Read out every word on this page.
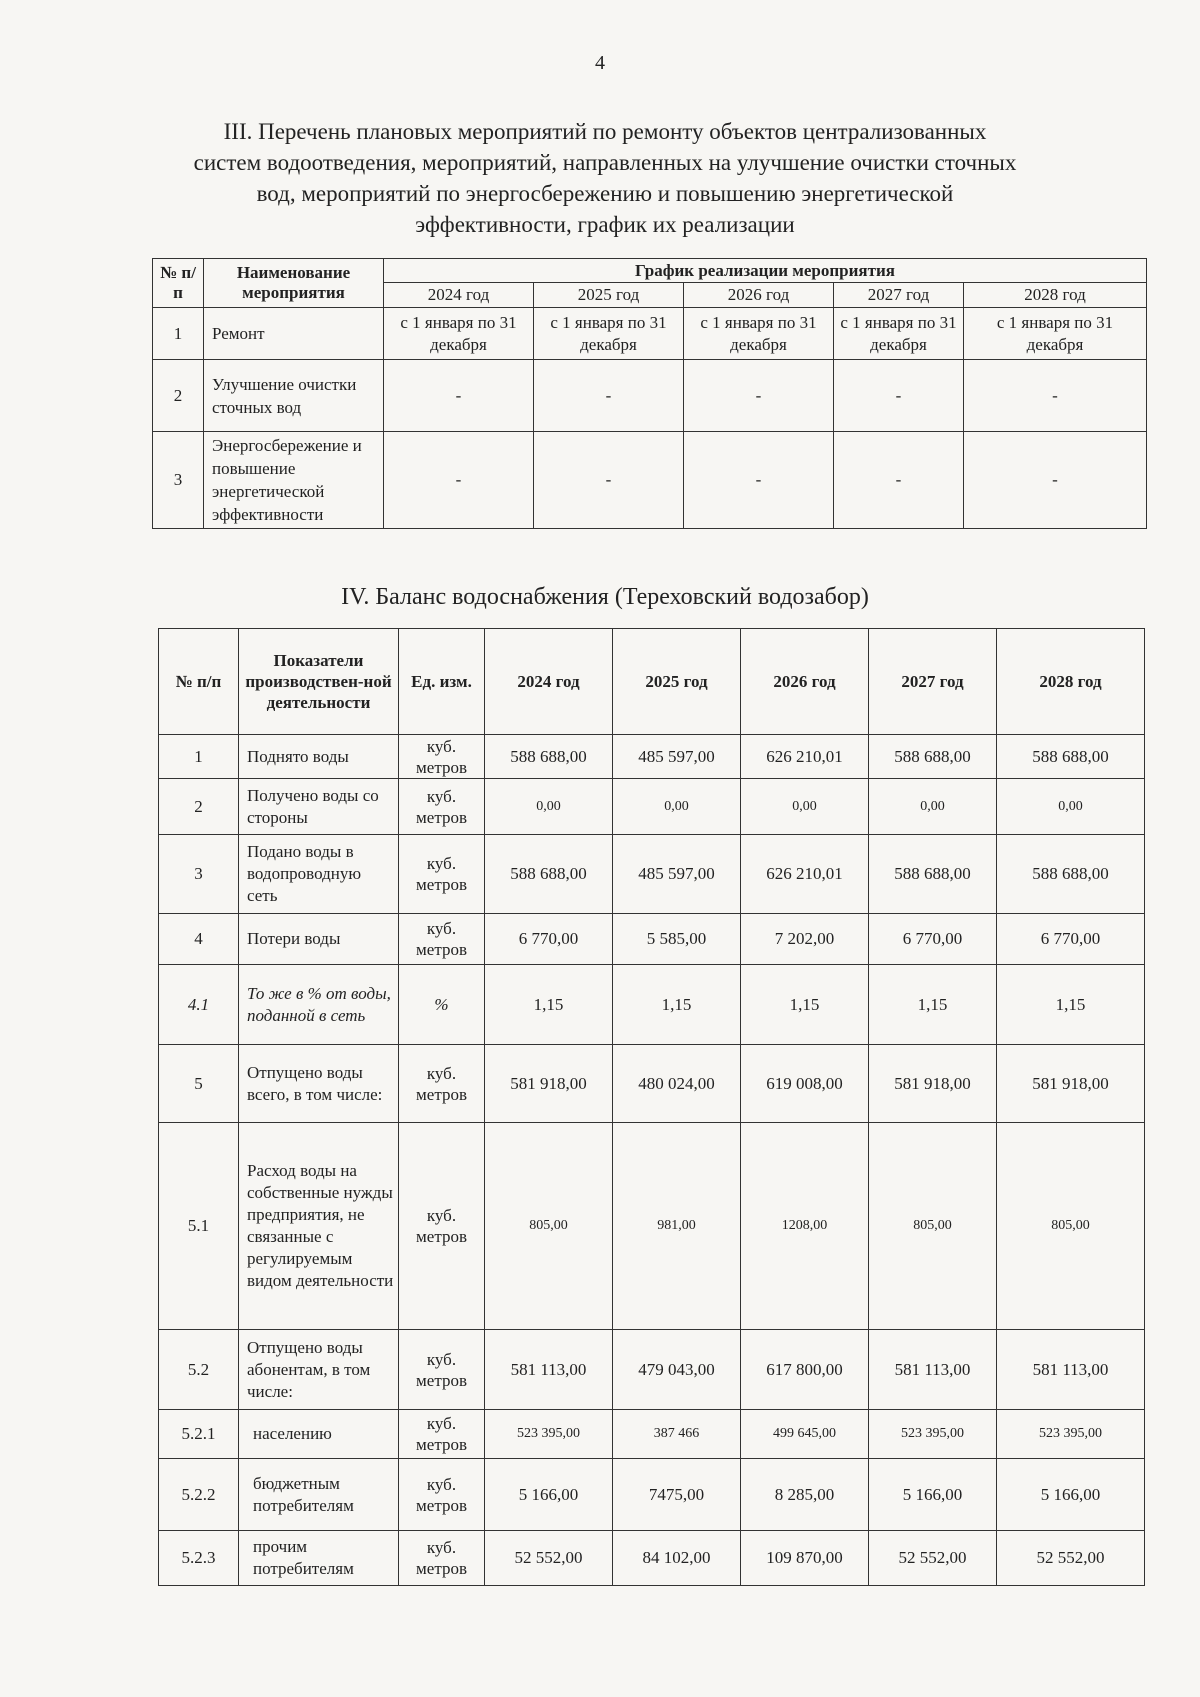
4
III. Перечень плановых мероприятий по ремонту объектов централизованных
систем водоотведения, мероприятий, направленных на улучшение очистки сточных
вод, мероприятий по энергосбережению и повышению энергетической
эффективности, график их реализации
№ п/п	Наименование мероприятия	График реализации мероприятия				
		2024 год	2025 год	2026 год	2027 год	2028 год
1	Ремонт	с 1 января по 31 декабря	с 1 января по 31 декабря	с 1 января по 31 декабря	с 1 января по 31 декабря	с 1 января по 31 декабря
2	Улучшение очистки сточных вод	-	-	-	-	-
3	Энергосбережение и повышение энергетической эффективности	-	-	-	-	-
IV. Баланс водоснабжения (Тереховский водозабор)
№ п/п	Показатели производствен-ной деятельности	Ед. изм.	2024 год	2025 год	2026 год	2027 год	2028 год
1	Поднято воды	куб. метров	588 688,00	485 597,00	626 210,01	588 688,00	588 688,00
2	Получено воды со стороны	куб. метров	0,00	0,00	0,00	0,00	0,00
3	Подано воды в водопроводную сеть	куб. метров	588 688,00	485 597,00	626 210,01	588 688,00	588 688,00
4	Потери воды	куб. метров	6 770,00	5 585,00	7 202,00	6 770,00	6 770,00
4.1	То же в % от воды, поданной в сеть	%	1,15	1,15	1,15	1,15	1,15
5	Отпущено воды всего, в том числе:	куб. метров	581 918,00	480 024,00	619 008,00	581 918,00	581 918,00
5.1	Расход воды на собственные нужды предприятия, не связанные с регулируемым видом деятельности	куб. метров	805,00	981,00	1208,00	805,00	805,00
5.2	Отпущено воды абонентам, в том числе:	куб. метров	581 113,00	479 043,00	617 800,00	581 113,00	581 113,00
5.2.1	населению	куб. метров	523 395,00	387 466	499 645,00	523 395,00	523 395,00
5.2.2	бюджетным потребителям	куб. метров	5 166,00	7475,00	8 285,00	5 166,00	5 166,00
5.2.3	прочим потребителям	куб. метров	52 552,00	84 102,00	109 870,00	52 552,00	52 552,00
